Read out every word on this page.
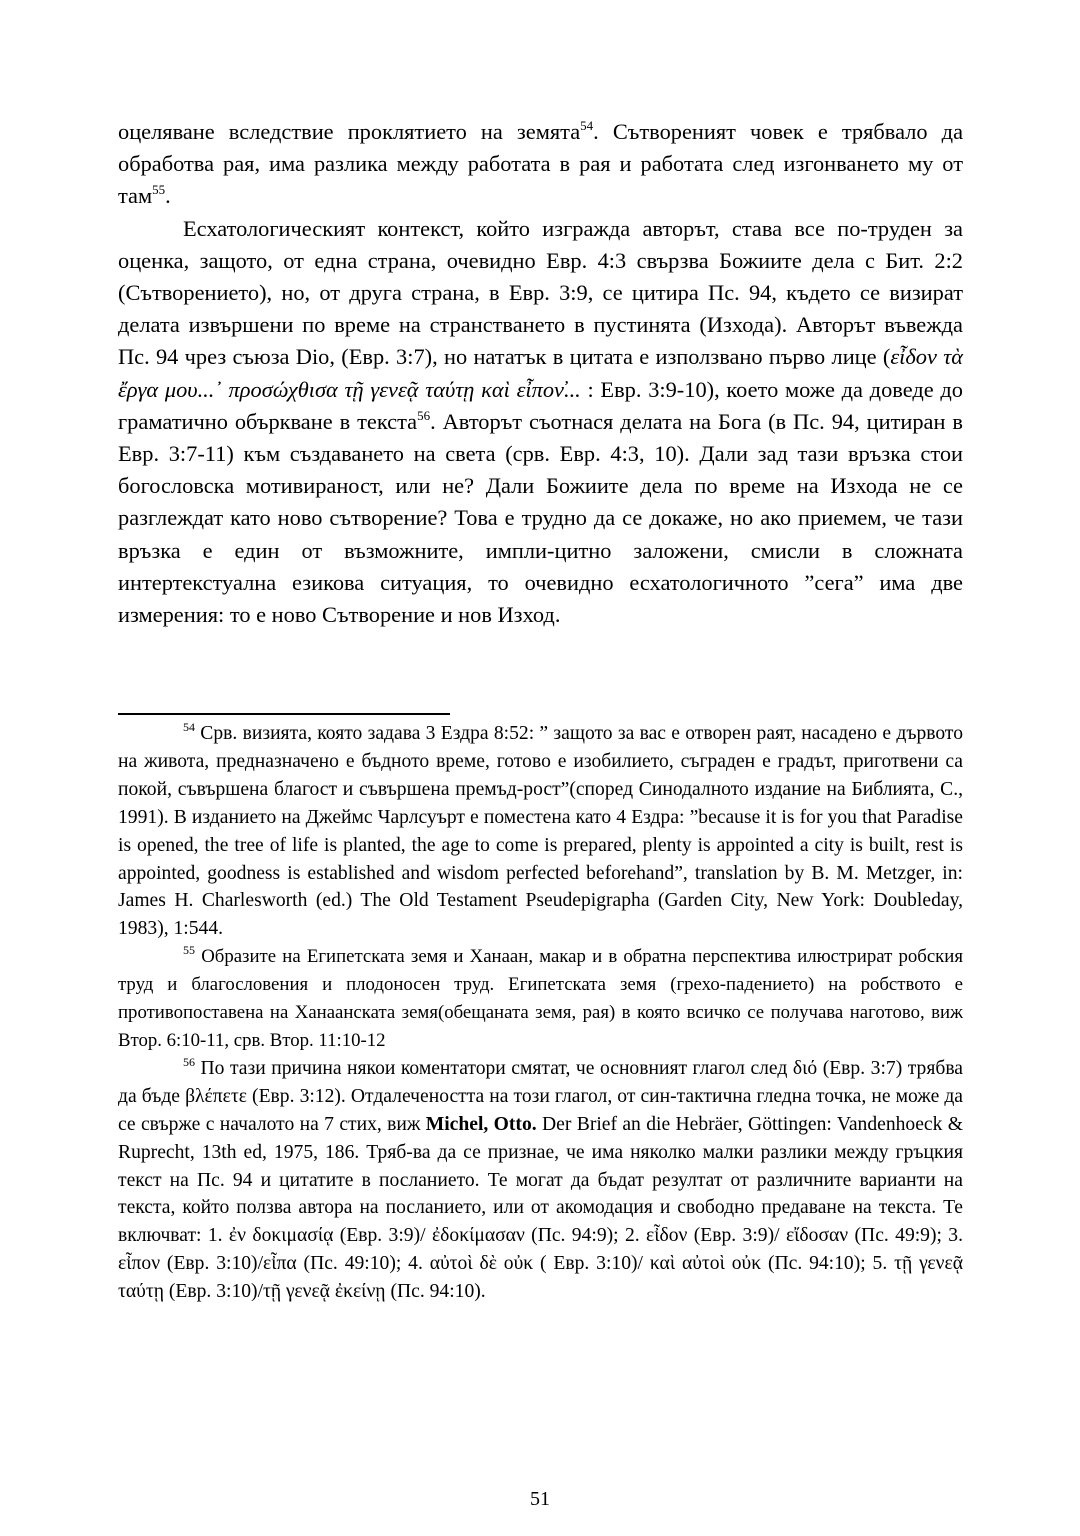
оцеляване вследствие проклятието на земята$^{54}$. Сътвореният човек е трябвало да обработва рая, има разлика между работата в рая и работата след изгонването му от там$^{55}$.

Есхатологическият контекст, който изгражда авторът, става все по-труден за оценка, защото, от една страна, очевидно Евр. 4:3 свързва Божиите дела с Бит. 2:2 (Сътворението), но, от друга страна, в Евр. 3:9, се цитира Пс. 94, където се визират делата извършени по време на странстването в пустинята (Изхода). Авторът въвежда Пс. 94 чрез съюза Dio, (Евр. 3:7), но нататък в цитата е използвано първо лице (εἶδον τὰ ἔργα μου...᾿ προσώχθισα τῇ γενεᾷ ταύτῃ καὶ εἶπον̓... : Евр. 3:9-10), което може да доведе до граматично объркване в текста$^{56}$. Авторът съотнася делата на Бога (в Пс. 94, цитиран в Евр. 3:7-11) към създаването на света (срв. Евр. 4:3, 10). Дали зад тази връзка стои богословска мотивираност, или не? Дали Божиите дела по време на Изхода не се разглеждат като ново сътворение? Това е трудно да се докаже, но ако приемем, че тази връзка е един от възможните, импли-цитно заложени, смисли в сложната интертекстуална езикова ситуация, то очевидно есхатологичното ”сега” има две измерения: то е ново Сътворение и нов Изход.

$^{54}$ Срв. визията, която задава 3 Ездра 8:52: ” защото за вас е отворен раят, насадено е дървото на живота, предназначено е бъдното време, готово е изобилието, съграден е градът, приготвени са покой, съвършена благост и съвършена премъд-рост”(според Синодалното издание на Библията, С., 1991). В изданието на Джеймс Чарлсуърт е поместена като 4 Ездра: ”because it is for you that Paradise is opened, the tree of life is planted, the age to come is prepared, plenty is appointed a city is built, rest is appointed, goodness is established and wisdom perfected beforehand”, translation by B. M. Metzger, in: James H. Charlesworth (ed.) The Old Testament Pseudepigrapha (Garden City, New York: Doubleday, 1983), 1:544.

$^{55}$ Образите на Египетската земя и Ханаан, макар и в обратна перспектива илюстрират робския труд и благословения и плодоносен труд. Египетската земя (грехо-падението) на робството е противопоставена на Ханаанската земя(обещаната земя, рая) в която всичко се получава наготово, виж Втор. 6:10-11, срв. Втор. 11:10-12

$^{56}$ По тази причина някои коментатори смятат, че основният глагол след διό (Евр. 3:7) трябва да бъде βλέπετε (Евр. 3:12). Отдалечеността на този глагол, от син-тактична гледна точка, не може да се свърже с началото на 7 стих, виж Michel, Otto. Der Brief an die Hebräer, Göttingen: Vandenhoeck & Ruprecht, 13th ed, 1975, 186. Тряб-ва да се признае, че има няколко малки разлики между гръцкия текст на Пс. 94 и цитатите в посланието. Те могат да бъдат резултат от различните варианти на текста, който ползва автора на посланието, или от акомодация и свободно предаване на текста. Те включват: 1. ἐν δοκιμασίᾳ (Евр. 3:9)/ ἐδοκίμασαν (Пс. 94:9); 2. εἶδον (Евр. 3:9)/ εἴδοσαν (Пс. 49:9); 3. εἶπον (Евр. 3:10)/εἶπα (Пс. 49:10); 4. αὐτοὶ δὲ οὐκ ( Евр. 3:10)/ καὶ αὐτοὶ οὐκ (Пс. 94:10); 5. τῇ γενεᾷ ταύτῃ (Евр. 3:10)/τῇ γενεᾷ ἐκείνῃ (Пс. 94:10).

51
